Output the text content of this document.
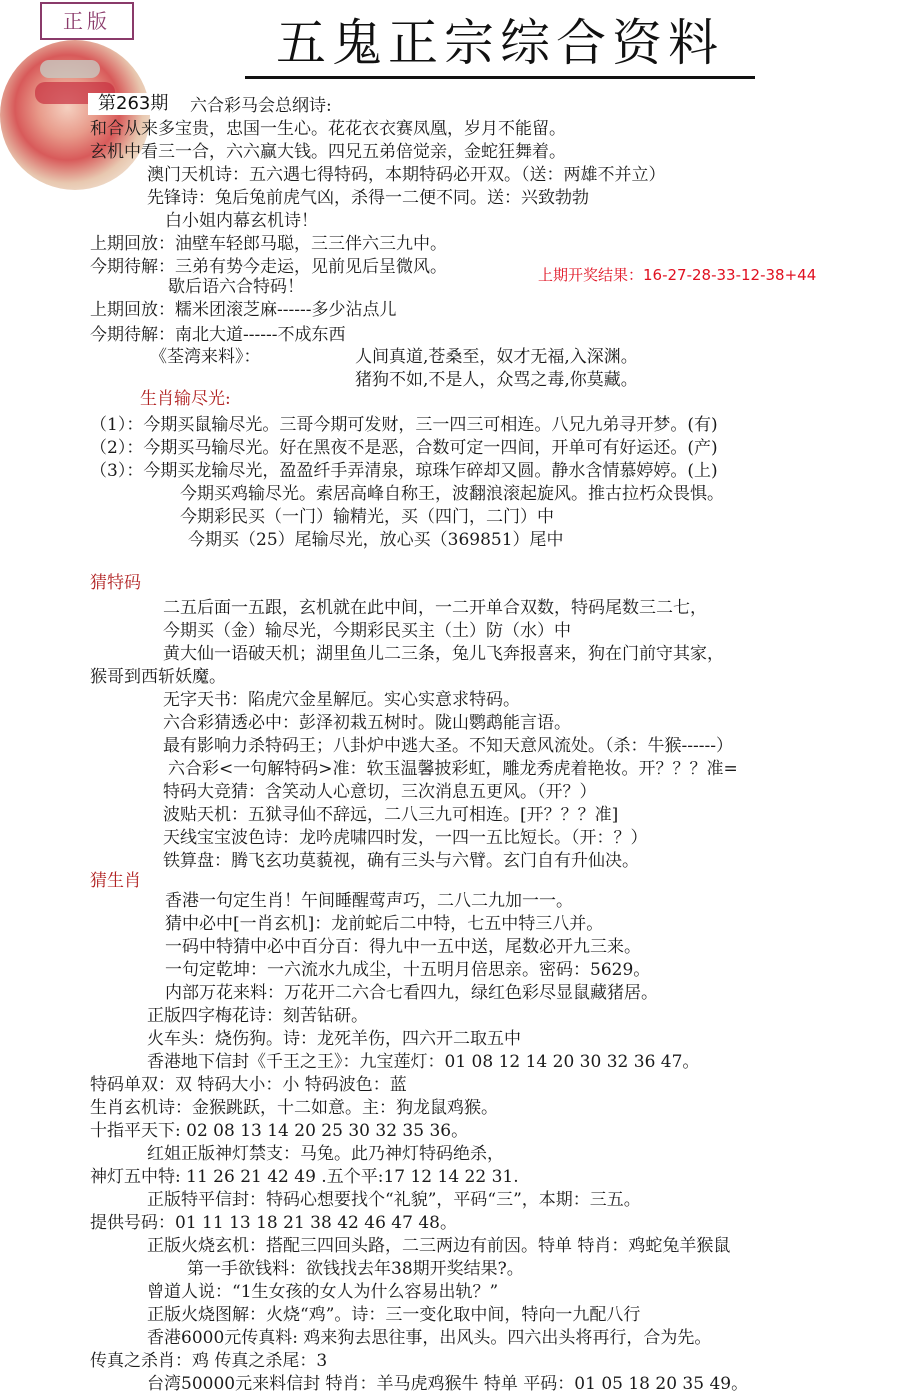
正版	五鬼正宗综合资料
第263期 六合彩马会总纲诗:
和合从来多宝贵，忠国一生心。花花衣衣赛凤凰，岁月不能留。
玄机中看三一合，六六赢大钱。四兄五弟倍觉亲，金蛇狂舞着。
澳门天机诗：五六遇七得特码，本期特码必开双。（送：两雄不并立）
先锋诗：兔后兔前虎气凶，杀得一二便不同。送：兴致勃勃
白小姐内幕玄机诗！
上期回放：油壁车轻郎马聪，三三伴六三九中。
今期待解：三弟有势今走运，见前见后呈微风。	上期开奖结果：16-27-28-33-12-38+44
歇后语六合特码！
上期回放：糯米团滚芝麻------多少沾点儿
今期待解：南北大道------不成东西
《荃湾来料》：	人间真道,苍桑至，奴才无福,入深渊。
猪狗不如,不是人，众骂之毒,你莫藏。
生肖输尽光:
（1）：今期买鼠输尽光。三哥今期可发财，三一四三可相连。八兄九弟寻开梦。(有)
（2）：今期买马输尽光。好在黑夜不是恶，合数可定一四间，开单可有好运还。(产)
（3）：今期买龙输尽光，盈盈纤手弄清泉，琼珠乍碎却又圆。静水含情慕婷婷。(上)
今期买鸡输尽光。索居高峰自称王，波翻浪滚起旋风。推古拉朽众畏惧。
今期彩民买（一门）输精光，买（四门，二门）中
今期买（25）尾输尽光，放心买（369851）尾中
猜特码
二五后面一五跟，玄机就在此中间，一二开单合双数，特码尾数三二七，
今期买（金）输尽光，今期彩民买主（土）防（水）中
黄大仙一语破天机；湖里鱼儿二三条，兔儿飞奔报喜来，狗在门前守其家，
猴哥到西斩妖魔。
无字天书：陷虎穴金星解厄。实心实意求特码。
六合彩猜透必中：彭泽初栽五树时。陇山鹦鹉能言语。
最有影响力杀特码王；八卦炉中逃大圣。不知天意风流处。（杀：牛猴------）
六合彩<一句解特码>准：软玉温馨披彩虹，雕龙秀虎着艳妆。开？？？准=
特码大竞猜：含笑动人心意切，三次消息五更风。（开？）
波贴天机：五狱寻仙不辞远，二八三九可相连。[开？？？准]
天线宝宝波色诗：龙吟虎啸四时发，一四一五比短长。（开：？）
铁算盘：腾飞玄功莫藐视，确有三头与六臂。玄门自有升仙决。
猜生肖
香港一句定生肖！午间睡醒莺声巧，二八二九加一一。
猜中必中[一肖玄机]：龙前蛇后二中特，七五中特三八并。
一码中特猜中必中百分百：得九中一五中送，尾数必开九三来。
一句定乾坤：一六流水九成尘，十五明月倍思亲。密码：5629。
内部万花来料：万花开二六合七看四九，绿红色彩尽显鼠藏猪居。
正版四字梅花诗：刻苦钻研。
火车头：烧伤狗。诗：龙死羊伤，四六开二取五中
香港地下信封《千王之王》：九宝莲灯：01 08 12 14 20 30 32 36 47。
特码单双：双 特码大小：小 特码波色：蓝
生肖玄机诗：金猴跳跃，十二如意。主：狗龙鼠鸡猴。
十指平天下: 02 08 13 14 20 25 30 32 35 36。
红姐正版神灯禁支：马兔。此乃神灯特码绝杀，
神灯五中特: 11 26 21 42 49 .五个平:17 12 14 22 31.
正版特平信封：特码心想要找个“礼貌”，平码“三”，本期：三五。
提供号码：01 11 13 18 21 38 42 46 47 48。
正版火烧玄机：搭配三四回头路，二三两边有前因。特单 特肖：鸡蛇兔羊猴鼠
第一手欲钱料：欲钱找去年38期开奖结果?。
曾道人说：“1生女孩的女人为什么容易出轨？”
正版火烧图解：火烧“鸡”。诗：三一变化取中间，特向一九配八行
香港6000元传真料: 鸡来狗去思往事，出风头。四六出头将再行，合为先。
传真之杀肖：鸡 传真之杀尾：3
台湾50000元来料信封 特肖：羊马虎鸡猴牛 特单 平码：01 05 18 20 35 49。
